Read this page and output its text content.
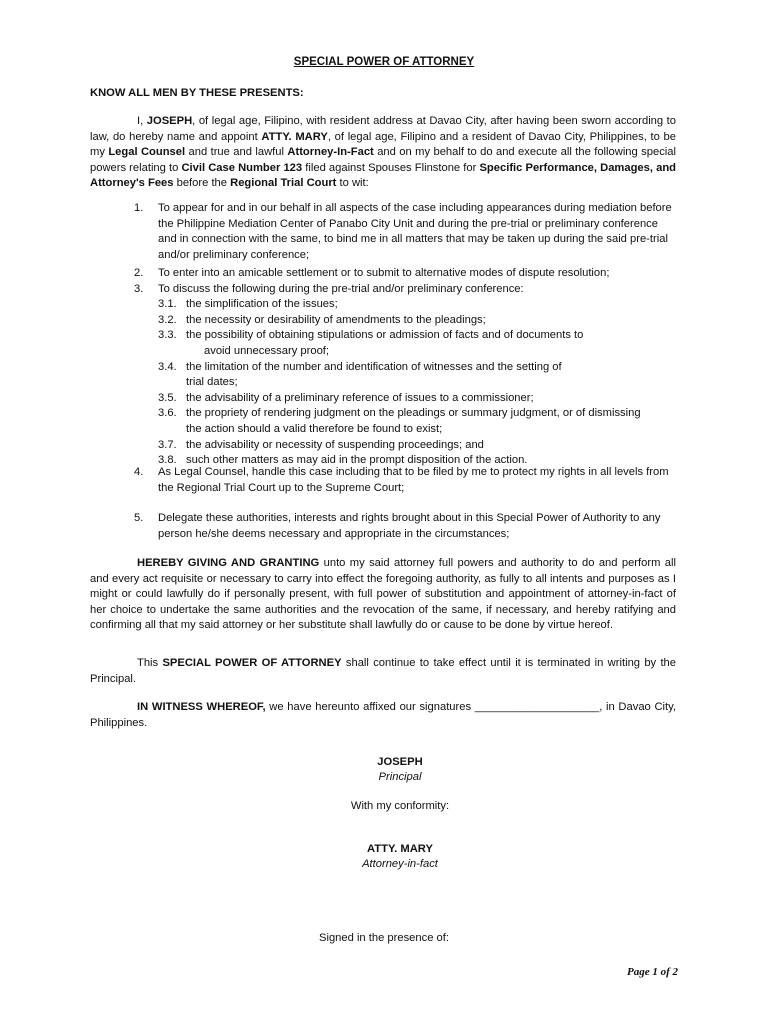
SPECIAL POWER OF ATTORNEY
KNOW ALL MEN BY THESE PRESENTS:

I, JOSEPH, of legal age, Filipino, with resident address at Davao City, after having been sworn according to law, do hereby name and appoint ATTY. MARY, of legal age, Filipino and a resident of Davao City, Philippines, to be my Legal Counsel and true and lawful Attorney-In-Fact and on my behalf to do and execute all the following special powers relating to Civil Case Number 123 filed against Spouses Flinstone for Specific Performance, Damages, and Attorney's Fees before the Regional Trial Court to wit:

1. To appear for and in our behalf in all aspects of the case including appearances during mediation before the Philippine Mediation Center of Panabo City Unit and during the pre-trial or preliminary conference and in connection with the same, to bind me in all matters that may be taken up during the said pre-trial and/or preliminary conference;
2. To enter into an amicable settlement or to submit to alternative modes of dispute resolution;
3. To discuss the following during the pre-trial and/or preliminary conference:
3.1. the simplification of the issues;
3.2. the necessity or desirability of amendments to the pleadings;
3.3. the possibility of obtaining stipulations or admission of facts and of documents to
avoid unnecessary proof;
3.4. the limitation of the number and identification of witnesses and the setting of
trial dates;
3.5. the advisability of a preliminary reference of issues to a commissioner;
3.6. the propriety of rendering judgment on the pleadings or summary judgment, or of dismissing
the action should a valid therefore be found to exist;
3.7. the advisability or necessity of suspending proceedings; and
3.8. such other matters as may aid in the prompt disposition of the action.
4. As Legal Counsel, handle this case including that to be filed by me to protect my rights in all levels from the Regional Trial Court up to the Supreme Court;
5. Delegate these authorities, interests and rights brought about in this Special Power of Authority to any person he/she deems necessary and appropriate in the circumstances;

HEREBY GIVING AND GRANTING unto my said attorney full powers and authority to do and perform all and every act requisite or necessary to carry into effect the foregoing authority, as fully to all intents and purposes as I might or could lawfully do if personally present, with full power of substitution and appointment of attorney-in-fact of her choice to undertake the same authorities and the revocation of the same, if necessary, and hereby ratifying and confirming all that my said attorney or her substitute shall lawfully do or cause to be done by virtue hereof.

This SPECIAL POWER OF ATTORNEY shall continue to take effect until it is terminated in writing by the Principal.

IN WITNESS WHEREOF, we have hereunto affixed our signatures ____________________, in Davao City, Philippines.

JOSEPH
Principal
With my conformity:
ATTY. MARY
Attorney-in-fact
Signed in the presence of:
Page 1 of 2
